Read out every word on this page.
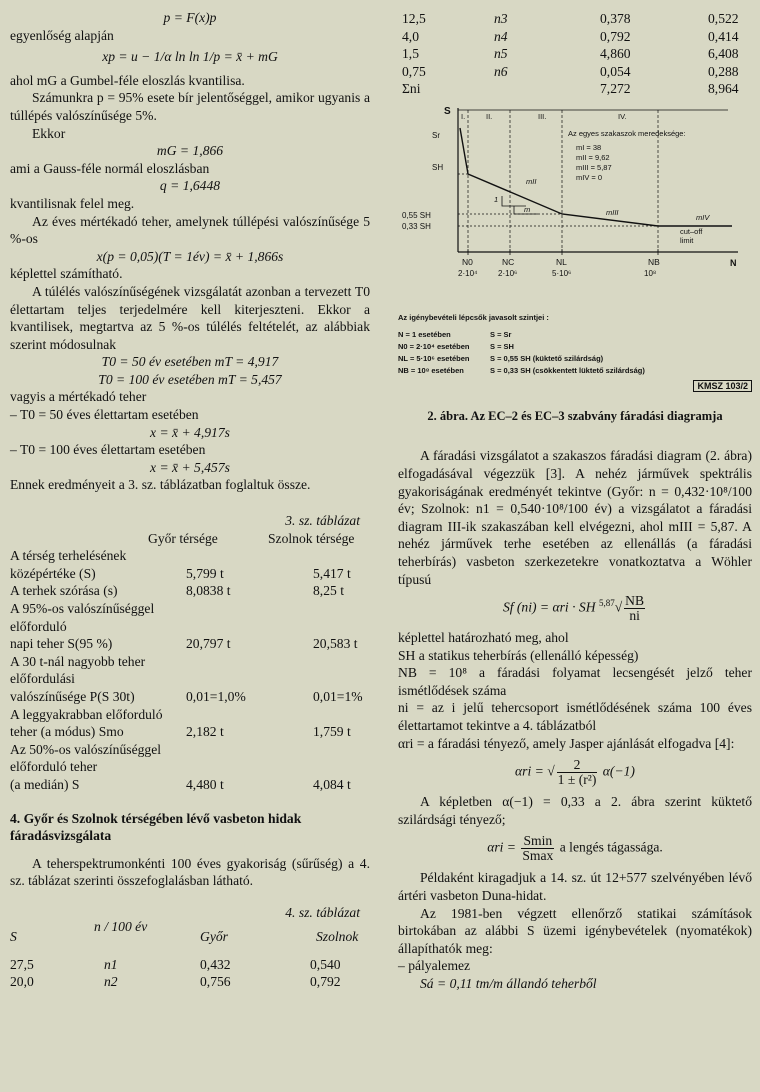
p = F(x)p

egyenlőség alapján

xp = u − 1/α ln ln 1/p = x̄ + mG

ahol mG a Gumbel-féle eloszlás kvantilisa.

Számunkra p = 95% esete bír jelentőséggel, amikor ugyanis a túllépés valószínűsége 5%.

Ekkor

mG = 1,866

ami a Gauss-féle normál eloszlásban

q = 1,6448

kvantilisnak felel meg.

Az éves mértékadó teher, amelynek túllépési valószínűsége 5 %-os

x(p = 0,05)(T = 1év) = x̄ + 1,866s

képlettel számítható.

A túlélés valószínűségének vizsgálatát azonban a tervezett T0 élettartam teljes terjedelmére kell kiterjeszteni. Ekkor a kvantilisek, megtartva az 5 %-os túlélés feltételét, az alábbiak szerint módosulnak

T0 = 50 év esetében mT = 4,917

T0 = 100 év esetében mT = 5,457

vagyis a mértékadó teher

– T0 = 50 éves élettartam esetében

x = x̄ + 4,917s

– T0 = 100 éves élettartam esetében

x = x̄ + 5,457s

Ennek eredményeit a 3. sz. táblázatban foglaltuk össze.

3. sz. táblázat
Győr térsége	Szolnok térsége
A térség terhelésének
középértéke (S)	5,799 t	5,417 t
A terhek szórása (s)	8,0838 t	8,25 t
A 95%-os valószínűséggel
előforduló
napi teher S(95 %)	20,797 t	20,583 t
A 30 t-nál nagyobb teher
előfordulási
valószínűsége P(S 30t)	0,01=1,0%	0,01=1%
A leggyakrabban előforduló
teher (a módus) Smo	2,182 t	1,759 t
Az 50%-os valószínűséggel
előforduló teher
(a medián) S	4,480 t	4,084 t

4. Győr és Szolnok térségében lévő vasbeton hidak fáradásvizsgálata

A teherspektrumonkénti 100 éves gyakoriság (sűrűség) a 4. sz. táblázat szerinti összefoglalásban látható.

4. sz. táblázat
S
n / 100 év
Győr	Szolnok
27,5	n1	0,432	0,540
20,0	n2	0,756	0,792
12,5	n3	0,378	0,522
4,0	n4	0,792	0,414
1,5	n5	4,860	6,408
0,75	n6	0,054	0,288
Σni	7,272	8,964
S
N
I.	II.	III.	IV.
Sr
SH
0,55 SH
0,33 SH
mII
mIII
mIV
1
m
cut–off
limit
Az egyes szakaszok meredeksége:
mI = 38
mII = 9,62
mIII = 5,87
mIV = 0
N0
2·10⁴
NC
2·10⁶
NL
5·10⁶
NB
10⁸
Az igénybevételi lépcsők javasolt szintjei :
N = 1 esetében	S = Sr
N0 = 2·10⁴ esetében	S = SH
NL = 5·10⁶ esetében	S = 0,55 SH (küktető szilárdság)
NB = 10⁸ esetében	S = 0,33 SH (csökkentett lüktető szilárdság)
KMSZ 103/2

2. ábra. Az EC–2 és EC–3 szabvány fáradási diagramja

A fáradási vizsgálatot a szakaszos fáradási diagram (2. ábra) elfogadásával végezzük [3]. A nehéz járművek spektrális gyakoriságának eredményét tekintve (Győr: n = 0,432·10⁸/100 év; Szolnok: n1 = 0,540·10⁸/100 év) a vizsgálatot a fáradási diagram III-ik szakaszában kell elvégezni, ahol mIII = 5,87. A nehéz járművek terhe esetében az ellenállás (a fáradási teherbírás) vasbeton szerkezetekre vonatkoztatva a Wöhler típusú

Sf (ni) = αri · SH $^{5,87}√ \frac{NB}{ni}$

képlettel határozható meg, ahol

SH a statikus teherbírás (ellenálló képesség)

NB = 10⁸ a fáradási folyamat lecsengését jelző teher ismétlődések száma

ni = az i jelű tehercsoport ismétlődésének száma 100 éves élettartamot tekintve a 4. táblázatból

αri = a fáradási tényező, amely Jasper ajánlását elfogadva [4]:

αri = √ $\frac{2}{\text{1 ± (r²)}} \alpha(-1)$

A képletben α(−1) = 0,33 a 2. ábra szerint küktető szilárdsági tényező;

$\alpha ri = \frac{Smin}{Smax}$ a lengés tágassága.

Példaként kiragadjuk a 14. sz. út 12+577 szelvényében lévő ártéri vasbeton Duna-hidat.

Az 1981-ben végzett ellenőrző statikai számítások birtokában az alábbi S üzemi igénybevételek (nyomatékok) állapíthatók meg:

– pályalemez

Sá = 0,11 tm/m állandó teherből
